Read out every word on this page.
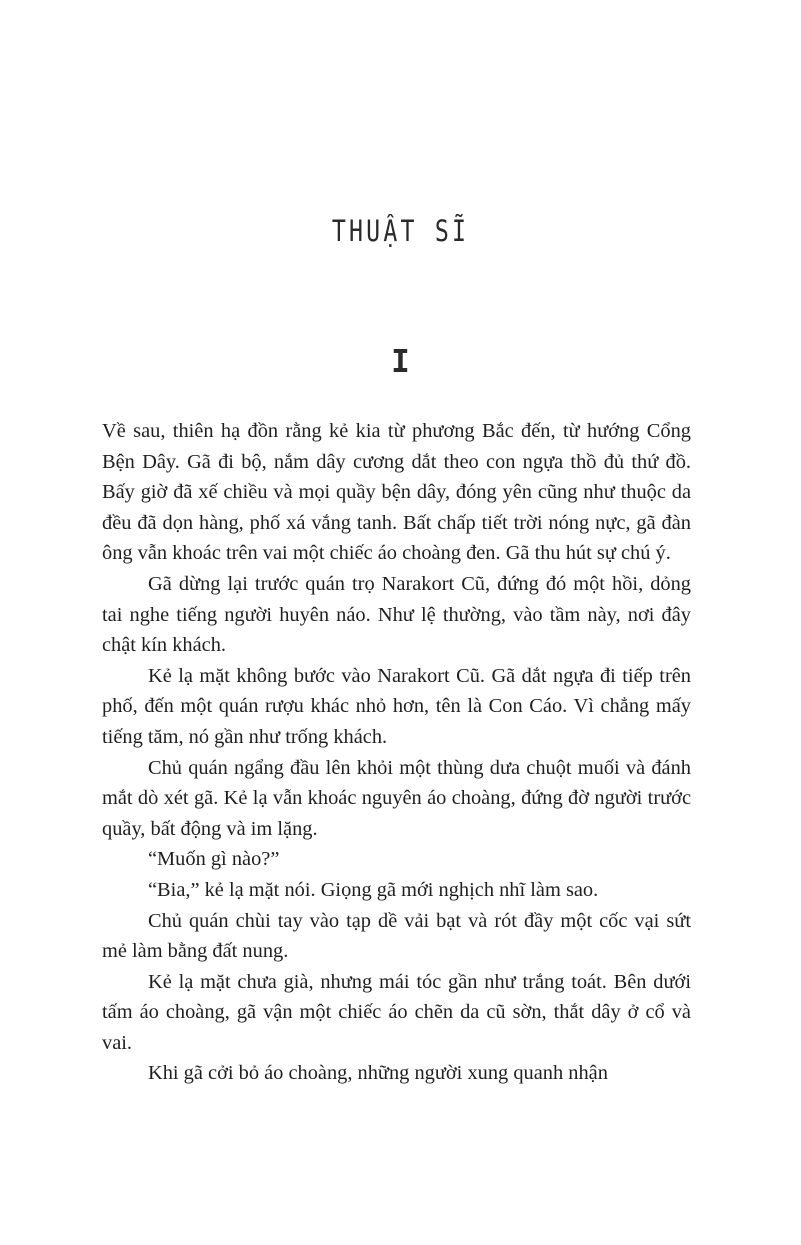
THUẬT SĨ
I

Về sau, thiên hạ đồn rằng kẻ kia từ phương Bắc đến, từ hướng Cổng Bện Dây. Gã đi bộ, nắm dây cương dắt theo con ngựa thồ đủ thứ đồ. Bấy giờ đã xế chiều và mọi quầy bện dây, đóng yên cũng như thuộc da đều đã dọn hàng, phố xá vắng tanh. Bất chấp tiết trời nóng nực, gã đàn ông vẫn khoác trên vai một chiếc áo choàng đen. Gã thu hút sự chú ý.

Gã dừng lại trước quán trọ Narakort Cũ, đứng đó một hồi, dỏng tai nghe tiếng người huyên náo. Như lệ thường, vào tầm này, nơi đây chật kín khách.

Kẻ lạ mặt không bước vào Narakort Cũ. Gã dắt ngựa đi tiếp trên phố, đến một quán rượu khác nhỏ hơn, tên là Con Cáo. Vì chẳng mấy tiếng tăm, nó gần như trống khách.

Chủ quán ngẩng đầu lên khỏi một thùng dưa chuột muối và đánh mắt dò xét gã. Kẻ lạ vẫn khoác nguyên áo choàng, đứng đờ người trước quầy, bất động và im lặng.

“Muốn gì nào?”

“Bia,” kẻ lạ mặt nói. Giọng gã mới nghịch nhĩ làm sao.

Chủ quán chùi tay vào tạp dề vải bạt và rót đầy một cốc vại sứt mẻ làm bằng đất nung.

Kẻ lạ mặt chưa già, nhưng mái tóc gần như trắng toát. Bên dưới tấm áo choàng, gã vận một chiếc áo chẽn da cũ sờn, thắt dây ở cổ và vai.

Khi gã cởi bỏ áo choàng, những người xung quanh nhận
